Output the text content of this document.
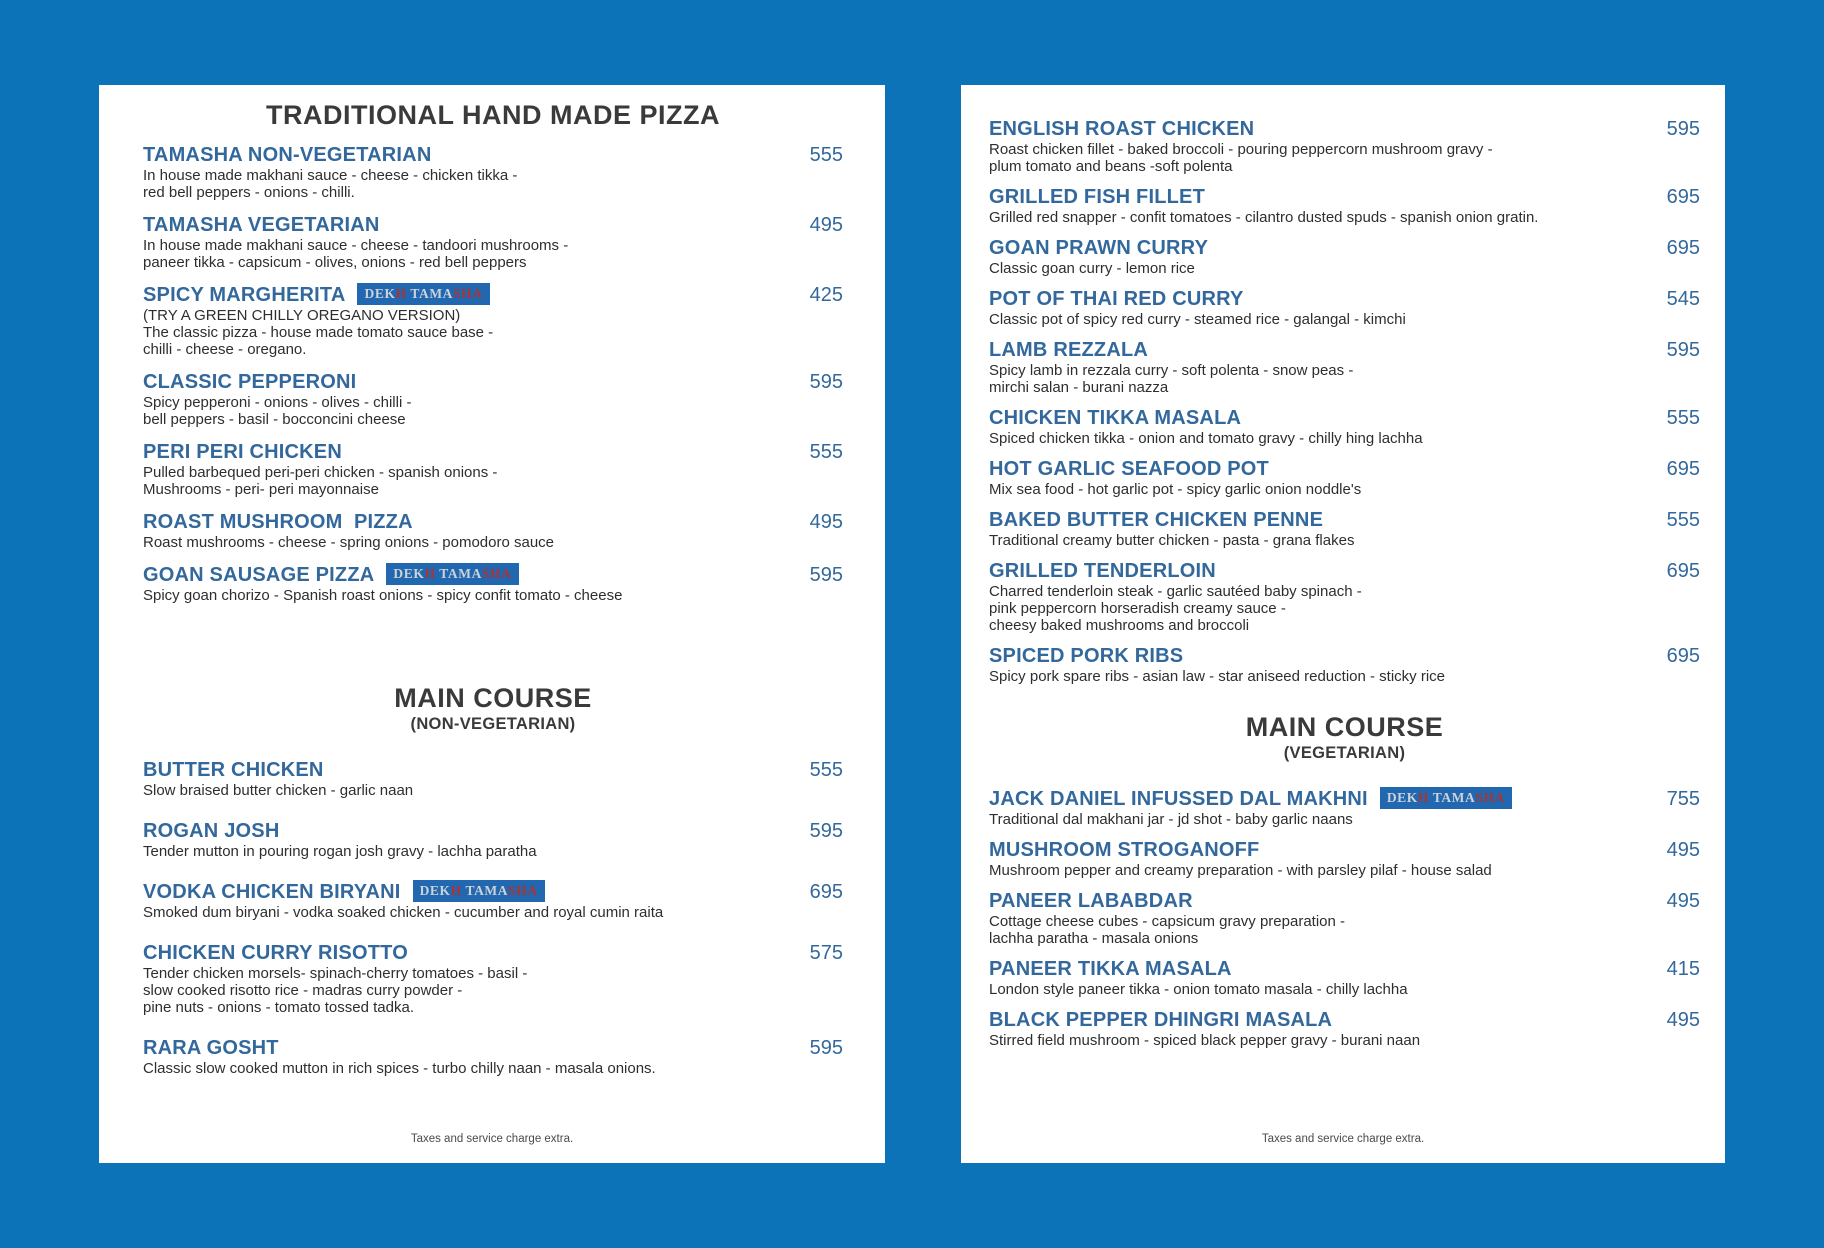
TRADITIONAL HAND MADE PIZZA
TAMASHA NON-VEGETARIAN
In house made makhani sauce - cheese - chicken tikka -
red bell peppers - onions - chilli.
555
TAMASHA VEGETARIAN
In house made makhani sauce - cheese - tandoori mushrooms -
paneer tikka - capsicum - olives, onions - red bell peppers
495
SPICY MARGHERITA	DEKH TAMASHA
(TRY A GREEN CHILLY OREGANO VERSION)
The classic pizza - house made tomato sauce base -
chilli - cheese - oregano.
425
CLASSIC PEPPERONI
Spicy pepperoni - onions - olives - chilli -
bell peppers - basil - bocconcini cheese
595
PERI PERI CHICKEN
Pulled barbequed peri-peri chicken - spanish onions -
Mushrooms - peri- peri mayonnaise
555
ROAST MUSHROOM  PIZZA
Roast mushrooms - cheese - spring onions - pomodoro sauce
495
GOAN SAUSAGE PIZZA	DEKH TAMASHA
Spicy goan chorizo - Spanish roast onions - spicy confit tomato - cheese
595
MAIN COURSE
(NON-VEGETARIAN)
BUTTER CHICKEN
Slow braised butter chicken - garlic naan
555
ROGAN JOSH
Tender mutton in pouring rogan josh gravy - lachha paratha
595
VODKA CHICKEN BIRYANI	DEKH TAMASHA
Smoked dum biryani - vodka soaked chicken - cucumber and royal cumin raita
695
CHICKEN CURRY RISOTTO
Tender chicken morsels- spinach-cherry tomatoes - basil -
slow cooked risotto rice - madras curry powder -
pine nuts - onions - tomato tossed tadka.
575
RARA GOSHT
Classic slow cooked mutton in rich spices - turbo chilly naan - masala onions.
595
Taxes and service charge extra.
ENGLISH ROAST CHICKEN
Roast chicken fillet - baked broccoli - pouring peppercorn mushroom gravy -
plum tomato and beans -soft polenta
595
GRILLED FISH FILLET
Grilled red snapper - confit tomatoes - cilantro dusted spuds - spanish onion gratin.
695
GOAN PRAWN CURRY
Classic goan curry - lemon rice
695
POT OF THAI RED CURRY
Classic pot of spicy red curry - steamed rice - galangal - kimchi
545
LAMB REZZALA
Spicy lamb in rezzala curry - soft polenta - snow peas -
mirchi salan - burani nazza
595
CHICKEN TIKKA MASALA
Spiced chicken tikka - onion and tomato gravy - chilly hing lachha
555
HOT GARLIC SEAFOOD POT
Mix sea food - hot garlic pot - spicy garlic onion noddle's
695
BAKED BUTTER CHICKEN PENNE
Traditional creamy butter chicken - pasta - grana flakes
555
GRILLED TENDERLOIN
Charred tenderloin steak - garlic sautéed baby spinach -
pink peppercorn horseradish creamy sauce -
cheesy baked mushrooms and broccoli
695
SPICED PORK RIBS
Spicy pork spare ribs - asian law - star aniseed reduction - sticky rice
695
MAIN COURSE
(VEGETARIAN)
JACK DANIEL INFUSSED DAL MAKHNI	DEKH TAMASHA
Traditional dal makhani jar - jd shot - baby garlic naans
755
MUSHROOM STROGANOFF
Mushroom pepper and creamy preparation - with parsley pilaf - house salad
495
PANEER LABABDAR
Cottage cheese cubes - capsicum gravy preparation -
lachha paratha - masala onions
495
PANEER TIKKA MASALA
London style paneer tikka - onion tomato masala - chilly lachha
415
BLACK PEPPER DHINGRI MASALA
Stirred field mushroom - spiced black pepper gravy - burani naan
495
Taxes and service charge extra.
